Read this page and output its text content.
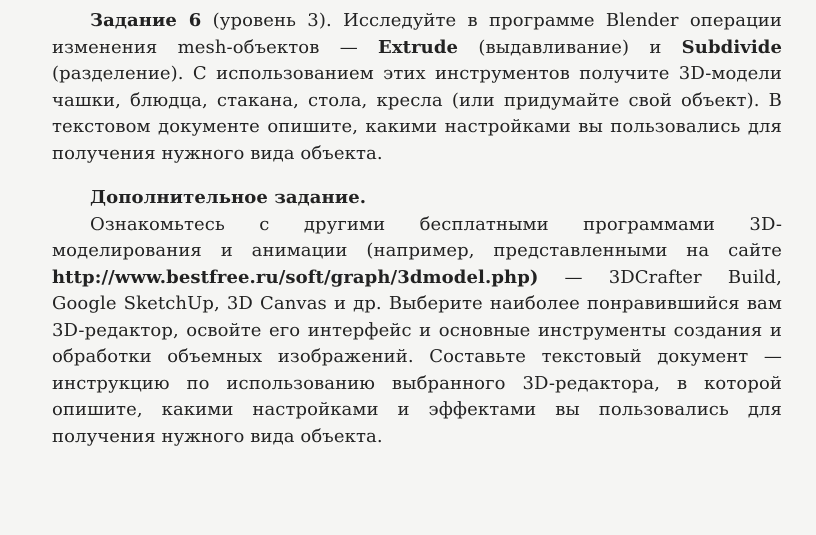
Задание 6 (уровень 3). Исследуйте в программе Blender операции изменения mesh-объектов — Extrude (выдавливание) и Subdivide (разделение). С использованием этих инструментов получите 3D-модели чашки, блюдца, стакана, стола, кресла (или придумайте свой объект). В текстовом документе опишите, какими настройками вы пользовались для получения нужного вида объекта.

Дополнительное задание.

Ознакомьтесь с другими бесплатными программами 3D-моделирования и анимации (например, представленными на сайте http://www.bestfree.ru/soft/graph/3dmodel.php) — 3DCrafter Build, Google SketchUp, 3D Canvas и др. Выберите наиболее понравившийся вам 3D-редактор, освойте его интерфейс и основные инструменты создания и обработки объемных изображений. Составьте текстовый документ — инструкцию по использованию выбранного 3D-редактора, в которой опишите, какими настройками и эффектами вы пользовались для получения нужного вида объекта.
